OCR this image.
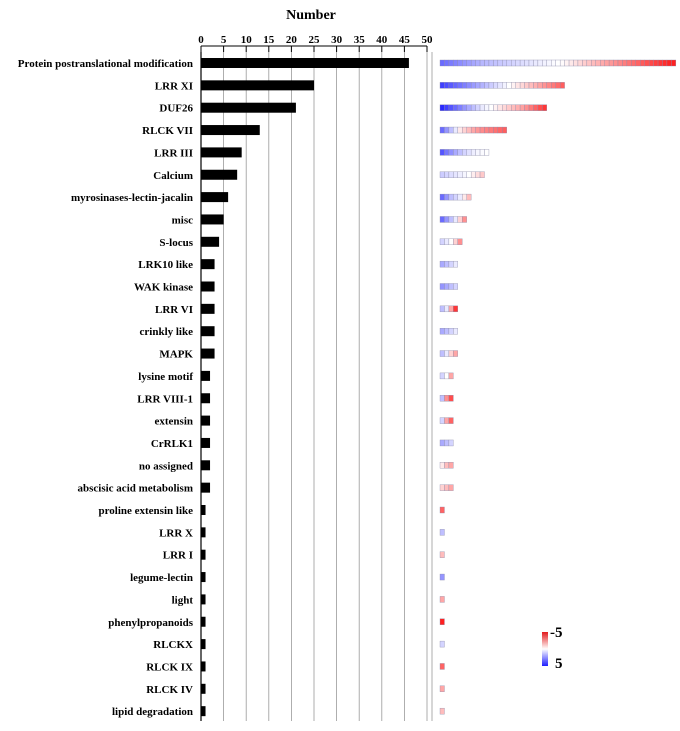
Number
0 5 10 15 20 25 30 35 40 45 50
Protein postranslational modification
LRR XI
DUF26
RLCK VII
LRR III
Calcium
myrosinases-lectin-jacalin
misc
S-locus
LRK10 like
WAK kinase
LRR VI
crinkly like
MAPK
lysine motif
LRR VIII-1
extensin
CrRLK1
no assigned
abscisic acid metabolism
proline extensin like
LRR X
LRR I
legume-lectin
light
phenylpropanoids
RLCKX
RLCK IX
RLCK IV
lipid degradation
-5
5
